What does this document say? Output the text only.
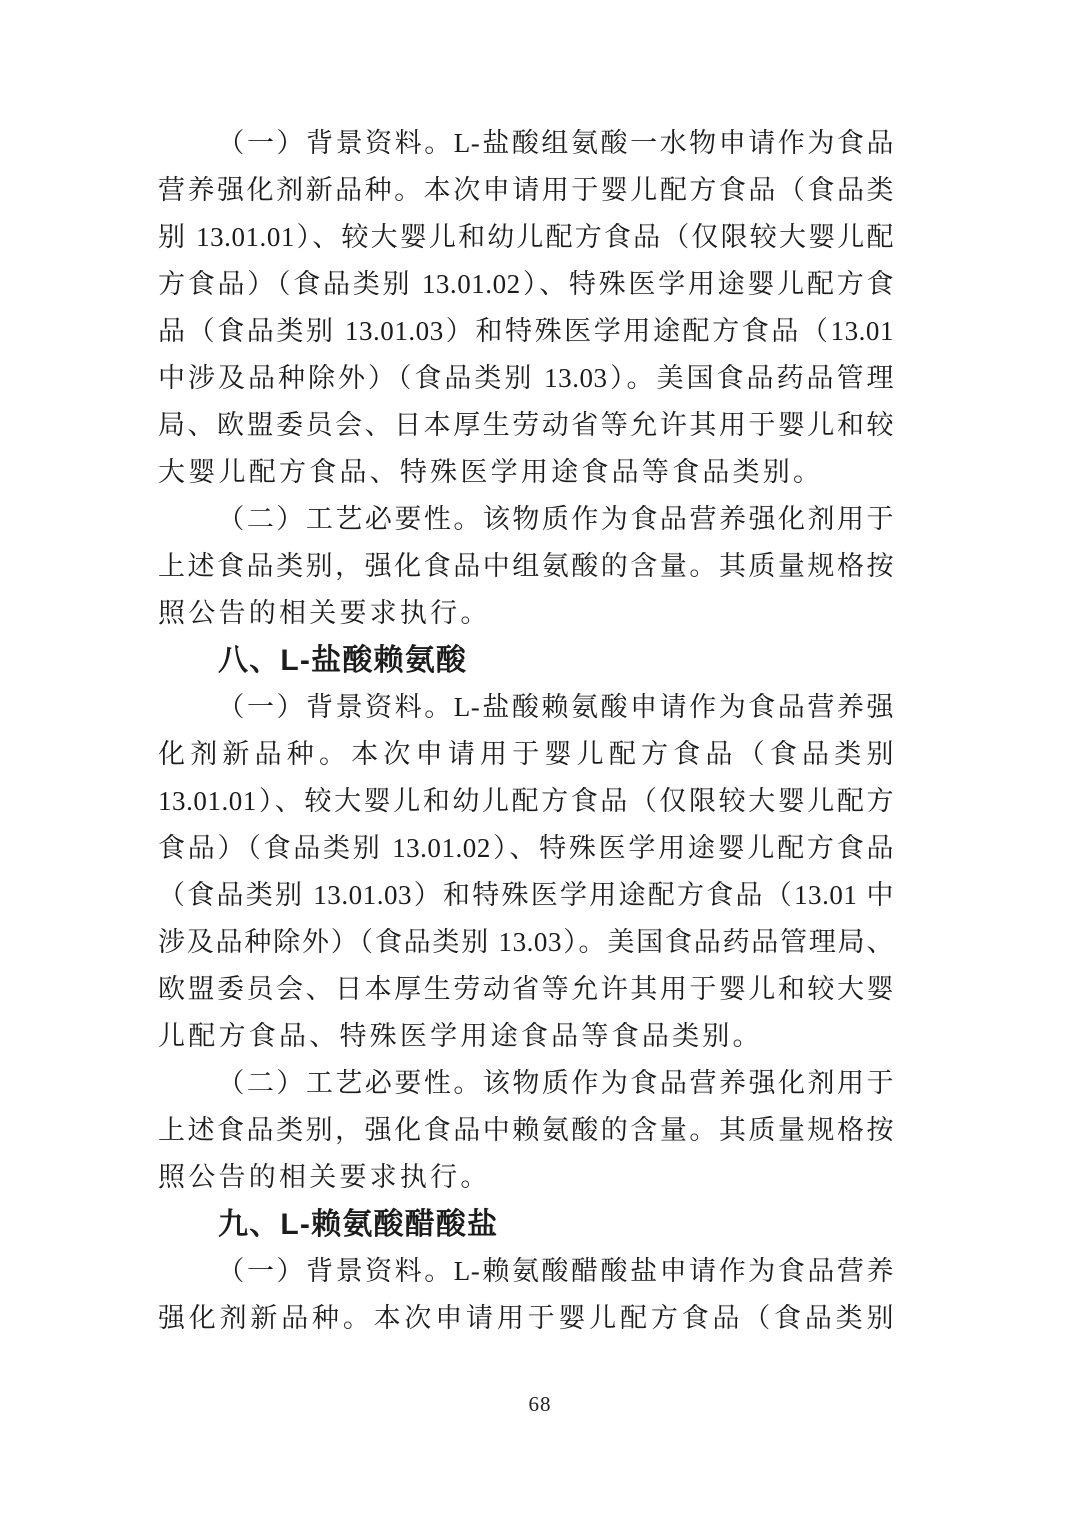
（一）背景资料。L-盐酸组氨酸一水物申请作为食品
营养强化剂新品种。本次申请用于婴儿配方食品（食品类
别 13.01.01）、较大婴儿和幼儿配方食品（仅限较大婴儿配
方食品）（食品类别 13.01.02）、特殊医学用途婴儿配方食
品（食品类别 13.01.03）和特殊医学用途配方食品（13.01
中涉及品种除外）（食品类别 13.03）。美国食品药品管理
局、欧盟委员会、日本厚生劳动省等允许其用于婴儿和较
大婴儿配方食品、特殊医学用途食品等食品类别。
（二）工艺必要性。该物质作为食品营养强化剂用于
上述食品类别，强化食品中组氨酸的含量。其质量规格按
照公告的相关要求执行。
八、L-盐酸赖氨酸
（一）背景资料。L-盐酸赖氨酸申请作为食品营养强
化剂新品种。本次申请用于婴儿配方食品（食品类别
13.01.01）、较大婴儿和幼儿配方食品（仅限较大婴儿配方
食品）（食品类别 13.01.02）、特殊医学用途婴儿配方食品
（食品类别 13.01.03）和特殊医学用途配方食品（13.01 中
涉及品种除外）（食品类别 13.03）。美国食品药品管理局、
欧盟委员会、日本厚生劳动省等允许其用于婴儿和较大婴
儿配方食品、特殊医学用途食品等食品类别。
（二）工艺必要性。该物质作为食品营养强化剂用于
上述食品类别，强化食品中赖氨酸的含量。其质量规格按
照公告的相关要求执行。
九、L-赖氨酸醋酸盐
（一）背景资料。L-赖氨酸醋酸盐申请作为食品营养
强化剂新品种。本次申请用于婴儿配方食品（食品类别
68
